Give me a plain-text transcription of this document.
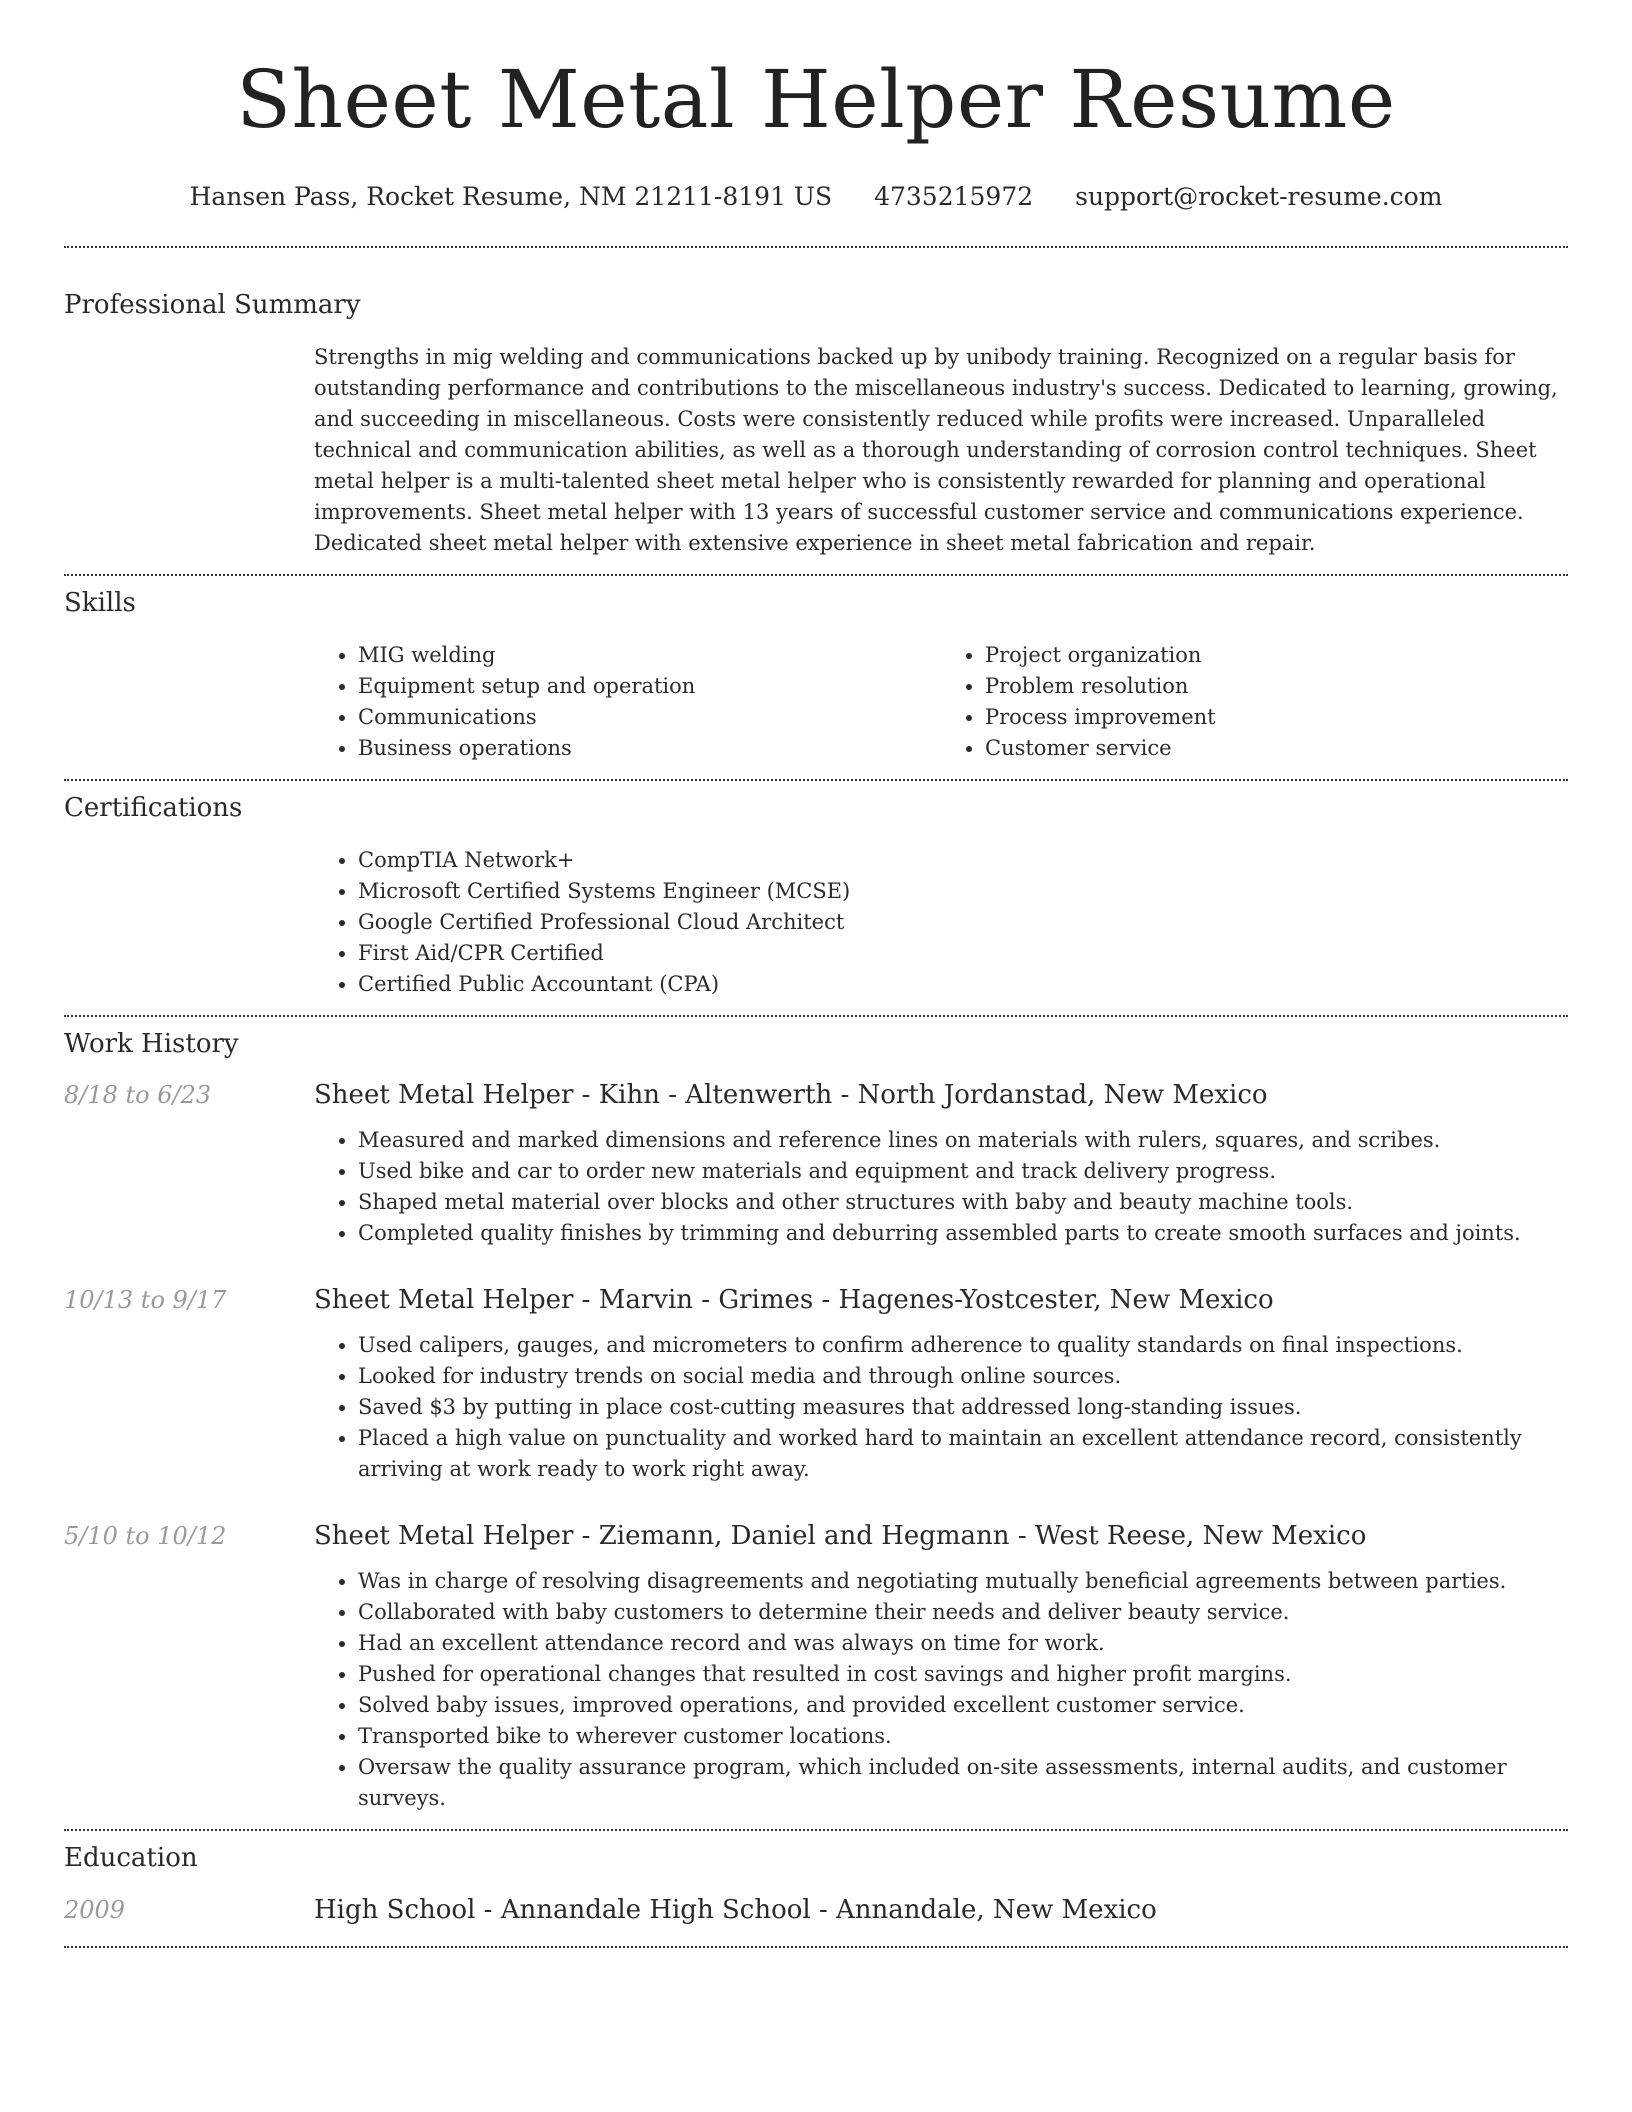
Sheet Metal Helper Resume
Hansen Pass, Rocket Resume, NM 21211-8191 US 4735215972 support@rocket-resume.com
Professional Summary

Strengths in mig welding and communications backed up by unibody training. Recognized on a regular basis for outstanding performance and contributions to the miscellaneous industry's success. Dedicated to learning, growing, and succeeding in miscellaneous. Costs were consistently reduced while profits were increased. Unparalleled technical and communication abilities, as well as a thorough understanding of corrosion control techniques. Sheet metal helper is a multi-talented sheet metal helper who is consistently rewarded for planning and operational improvements. Sheet metal helper with 13 years of successful customer service and communications experience. Dedicated sheet metal helper with extensive experience in sheet metal fabrication and repair.

Skills
• MIG welding
• Equipment setup and operation
• Communications
• Business operations
• Project organization
• Problem resolution
• Process improvement
• Customer service
Certifications
• CompTIA Network+
• Microsoft Certified Systems Engineer (MCSE)
• Google Certified Professional Cloud Architect
• First Aid/CPR Certified
• Certified Public Accountant (CPA)
Work History
8/18 to 6/23	Sheet Metal Helper - Kihn - Altenwerth - North Jordanstad, New Mexico
• Measured and marked dimensions and reference lines on materials with rulers, squares, and scribes.
• Used bike and car to order new materials and equipment and track delivery progress.
• Shaped metal material over blocks and other structures with baby and beauty machine tools.
• Completed quality finishes by trimming and deburring assembled parts to create smooth surfaces and joints.
10/13 to 9/17	Sheet Metal Helper - Marvin - Grimes - Hagenes-Yostcester, New Mexico
• Used calipers, gauges, and micrometers to confirm adherence to quality standards on final inspections.
• Looked for industry trends on social media and through online sources.
• Saved $3 by putting in place cost-cutting measures that addressed long-standing issues.
• Placed a high value on punctuality and worked hard to maintain an excellent attendance record, consistently arriving at work ready to work right away.
5/10 to 10/12	Sheet Metal Helper - Ziemann, Daniel and Hegmann - West Reese, New Mexico
• Was in charge of resolving disagreements and negotiating mutually beneficial agreements between parties.
• Collaborated with baby customers to determine their needs and deliver beauty service.
• Had an excellent attendance record and was always on time for work.
• Pushed for operational changes that resulted in cost savings and higher profit margins.
• Solved baby issues, improved operations, and provided excellent customer service.
• Transported bike to wherever customer locations.
• Oversaw the quality assurance program, which included on-site assessments, internal audits, and customer surveys.
Education
2009	High School - Annandale High School - Annandale, New Mexico
